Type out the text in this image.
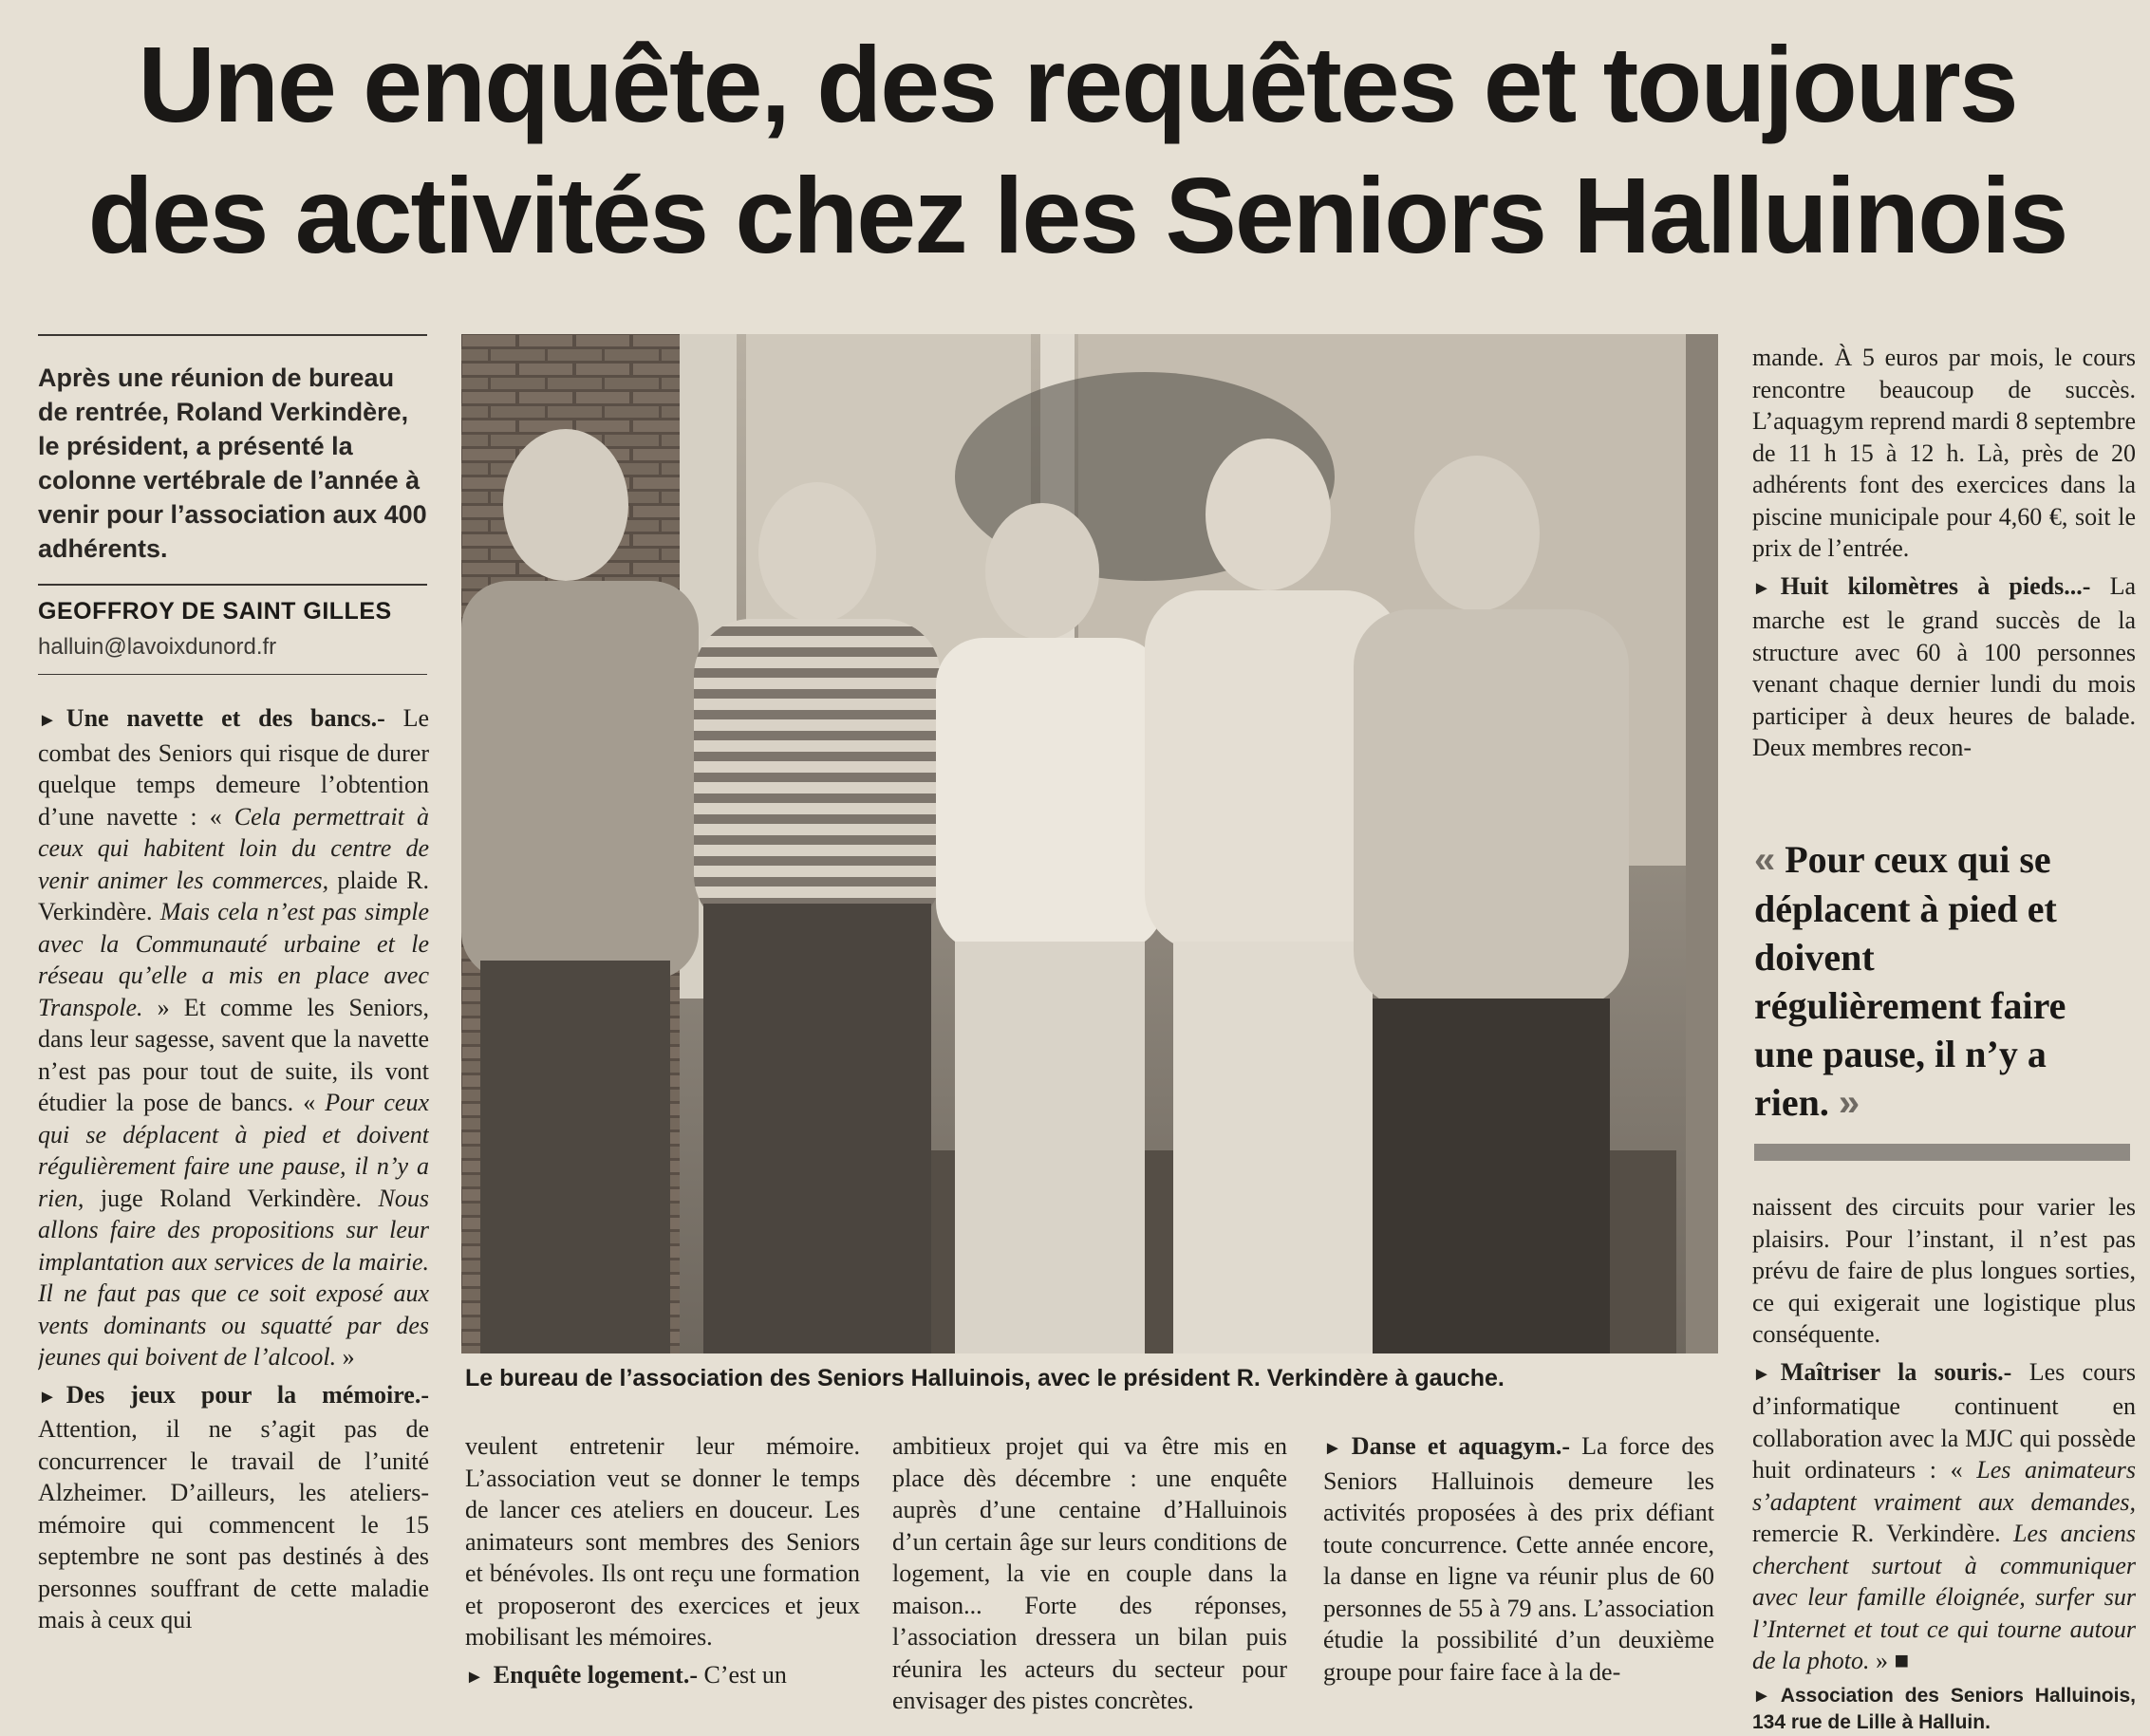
Une enquête, des requêtes et toujours
des activités chez les Seniors Halluinois
Après une réunion de bureau de rentrée, Roland Verkindère, le président, a présenté la colonne vertébrale de l’année à venir pour l’association aux 400 adhérents.
GEOFFROY DE SAINT GILLES
halluin@lavoixdunord.fr

► Une navette et des bancs.- Le combat des Seniors qui risque de durer quelque temps demeure l’obtention d’une navette : « Cela permettrait à ceux qui habitent loin du centre de venir animer les commerces, plaide R. Verkindère. Mais cela n’est pas simple avec la Communauté urbaine et le réseau qu’elle a mis en place avec Transpole. » Et comme les Seniors, dans leur sagesse, savent que la navette n’est pas pour tout de suite, ils vont étudier la pose de bancs. « Pour ceux qui se déplacent à pied et doivent régulièrement faire une pause, il n’y a rien, juge Roland Verkindère. Nous allons faire des propositions sur leur implantation aux services de la mairie. Il ne faut pas que ce soit exposé aux vents dominants ou squatté par des jeunes qui boivent de l’alcool. »

► Des jeux pour la mémoire.- Attention, il ne s’agit pas de concurrencer le travail de l’unité Alzheimer. D’ailleurs, les ateliers-mémoire qui commencent le 15 septembre ne sont pas destinés à des personnes souffrant de cette maladie mais à ceux qui

Le bureau de l’association des Seniors Halluinois, avec le président R. Verkindère à gauche.

veulent entretenir leur mémoire. L’association veut se donner le temps de lancer ces ateliers en douceur. Les animateurs sont membres des Seniors et bénévoles. Ils ont reçu une formation et proposeront des exercices et jeux mobilisant les mémoires.

► Enquête logement.- C’est un

ambitieux projet qui va être mis en place dès décembre : une enquête auprès d’une centaine d’Halluinois d’un certain âge sur leurs conditions de logement, la vie en couple dans la maison... Forte des réponses, l’association dressera un bilan puis réunira les acteurs du secteur pour envisager des pistes concrètes.

► Danse et aquagym.- La force des Seniors Halluinois demeure les activités proposées à des prix défiant toute concurrence. Cette année encore, la danse en ligne va réunir plus de 60 personnes de 55 à 79 ans. L’association étudie la possibilité d’un deuxième groupe pour faire face à la de-

mande. À 5 euros par mois, le cours rencontre beaucoup de succès. L’aquagym reprend mardi 8 septembre de 11 h 15 à 12 h. Là, près de 20 adhérents font des exercices dans la piscine municipale pour 4,60 €, soit le prix de l’entrée.

► Huit kilomètres à pieds...- La marche est le grand succès de la structure avec 60 à 100 personnes venant chaque dernier lundi du mois participer à deux heures de balade. Deux membres recon-

« Pour ceux qui se déplacent à pied et doivent régulièrement faire une pause, il n’y a rien. »

naissent des circuits pour varier les plaisirs. Pour l’instant, il n’est pas prévu de faire de plus longues sorties, ce qui exigerait une logistique plus conséquente.

► Maîtriser la souris.- Les cours d’informatique continuent en collaboration avec la MJC qui possède huit ordinateurs : « Les animateurs s’adaptent vraiment aux demandes, remercie R. Verkindère. Les anciens cherchent surtout à communiquer avec leur famille éloignée, surfer sur l’Internet et tout ce qui tourne autour de la photo. » ■

► Association des Seniors Halluinois, 134 rue de Lille à Halluin.
